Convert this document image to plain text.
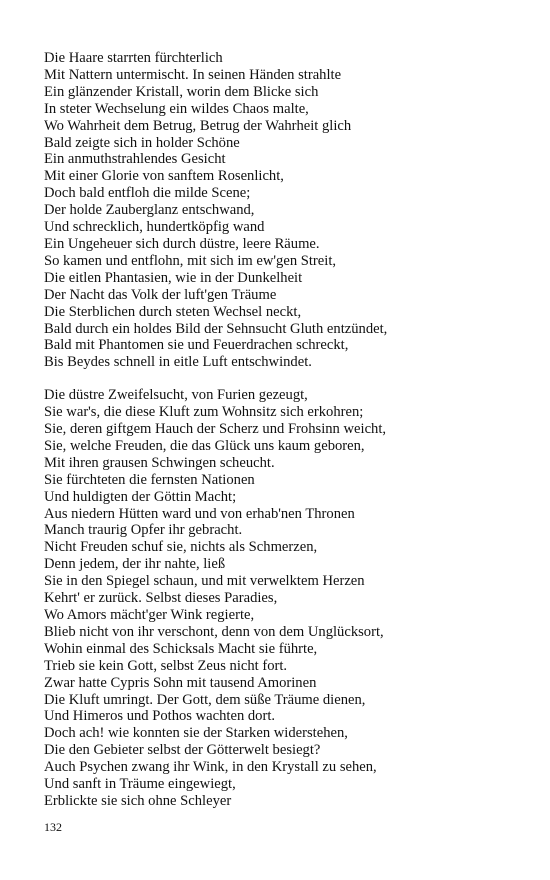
Die Haare starrten fürchterlich
Mit Nattern untermischt. In seinen Händen strahlte
Ein glänzender Kristall, worin dem Blicke sich
In steter Wechselung ein wildes Chaos malte,
Wo Wahrheit dem Betrug, Betrug der Wahrheit glich
Bald zeigte sich in holder Schöne
Ein anmuthstrahlendes Gesicht
Mit einer Glorie von sanftem Rosenlicht,
Doch bald entfloh die milde Scene;
Der holde Zauberglanz entschwand,
Und schrecklich, hundertköpfig wand
Ein Ungeheuer sich durch düstre, leere Räume.
So kamen und entflohn, mit sich im ew'gen Streit,
Die eitlen Phantasien, wie in der Dunkelheit
Der Nacht das Volk der luft'gen Träume
Die Sterblichen durch steten Wechsel neckt,
Bald durch ein holdes Bild der Sehnsucht Gluth entzündet,
Bald mit Phantomen sie und Feuerdrachen schreckt,
Bis Beydes schnell in eitle Luft entschwindet.
Die düstre Zweifelsucht, von Furien gezeugt,
Sie war's, die diese Kluft zum Wohnsitz sich erkohren;
Sie, deren giftgem Hauch der Scherz und Frohsinn weicht,
Sie, welche Freuden, die das Glück uns kaum geboren,
Mit ihren grausen Schwingen scheucht.
Sie fürchteten die fernsten Nationen
Und huldigten der Göttin Macht;
Aus niedern Hütten ward und von erhab'nen Thronen
Manch traurig Opfer ihr gebracht.
Nicht Freuden schuf sie, nichts als Schmerzen,
Denn jedem, der ihr nahte, ließ
Sie in den Spiegel schaun, und mit verwelktem Herzen
Kehrt' er zurück. Selbst dieses Paradies,
Wo Amors mächt'ger Wink regierte,
Blieb nicht von ihr verschont, denn von dem Unglücksort,
Wohin einmal des Schicksals Macht sie führte,
Trieb sie kein Gott, selbst Zeus nicht fort.
Zwar hatte Cypris Sohn mit tausend Amorinen
Die Kluft umringt. Der Gott, dem süße Träume dienen,
Und Himeros und Pothos wachten dort.
Doch ach! wie konnten sie der Starken widerstehen,
Die den Gebieter selbst der Götterwelt besiegt?
Auch Psychen zwang ihr Wink, in den Krystall zu sehen,
Und sanft in Träume eingewiegt,
Erblickte sie sich ohne Schleyer
132
